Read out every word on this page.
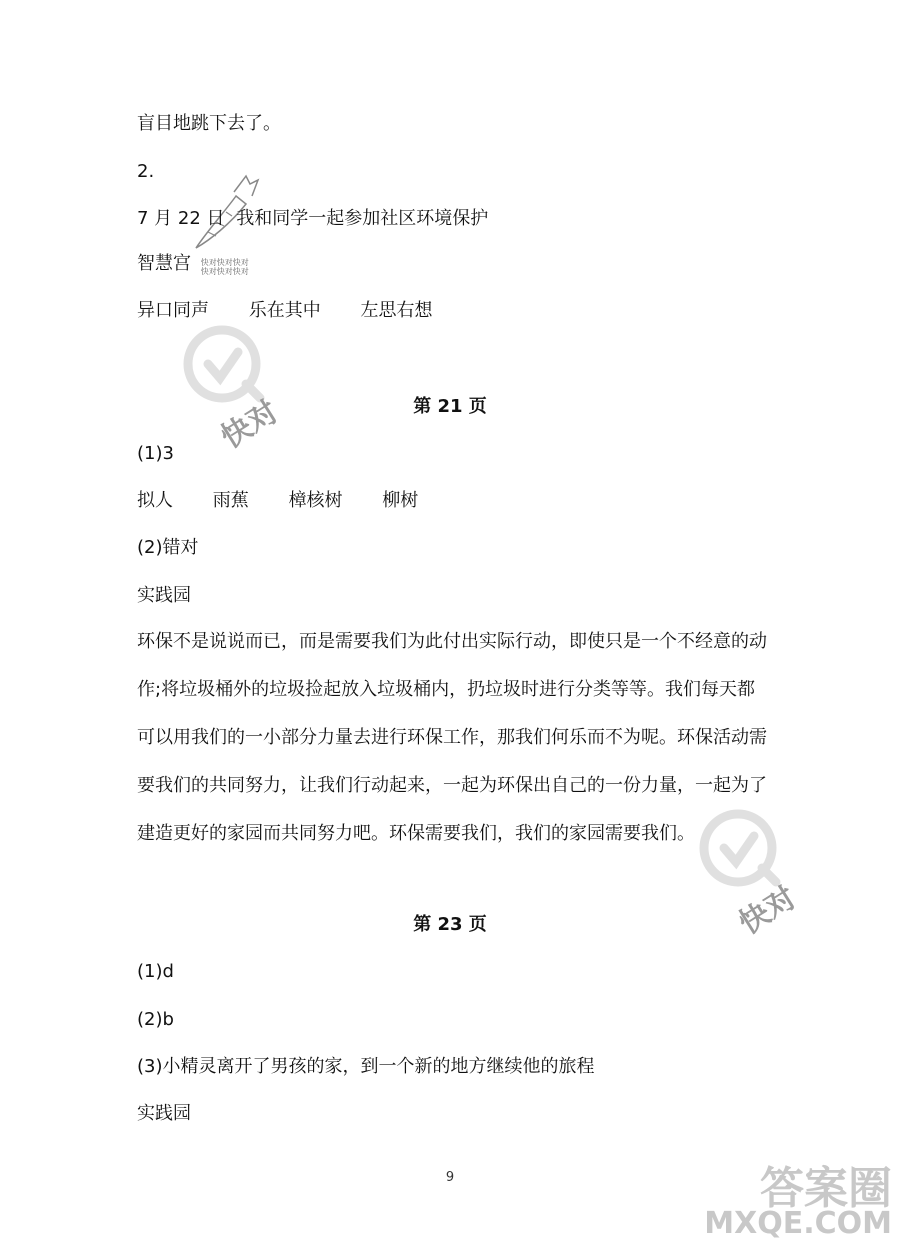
快对
快对
盲目地跳下去了。
2.
7 月 22 日 我和同学一起参加社区环境保护
智慧宫 快对快对快对
快对快对快对
异口同声 乐在其中 左思右想
第 21 页
(1)3
拟人 雨蕉 樟核树 柳树
(2)错对
实践园
环保不是说说而已，而是需要我们为此付出实际行动，即使只是一个不经意的动
作;将垃圾桶外的垃圾捡起放入垃圾桶内，扔垃圾时进行分类等等。我们每天都
可以用我们的一小部分力量去进行环保工作，那我们何乐而不为呢。环保活动需
要我们的共同努力，让我们行动起来，一起为环保出自己的一份力量，一起为了
建造更好的家园而共同努力吧。环保需要我们，我们的家园需要我们。
第 23 页
(1)d
(2)b
(3)小精灵离开了男孩的家，到一个新的地方继续他的旅程
实践园
9	答案圈
MXQE.COM
